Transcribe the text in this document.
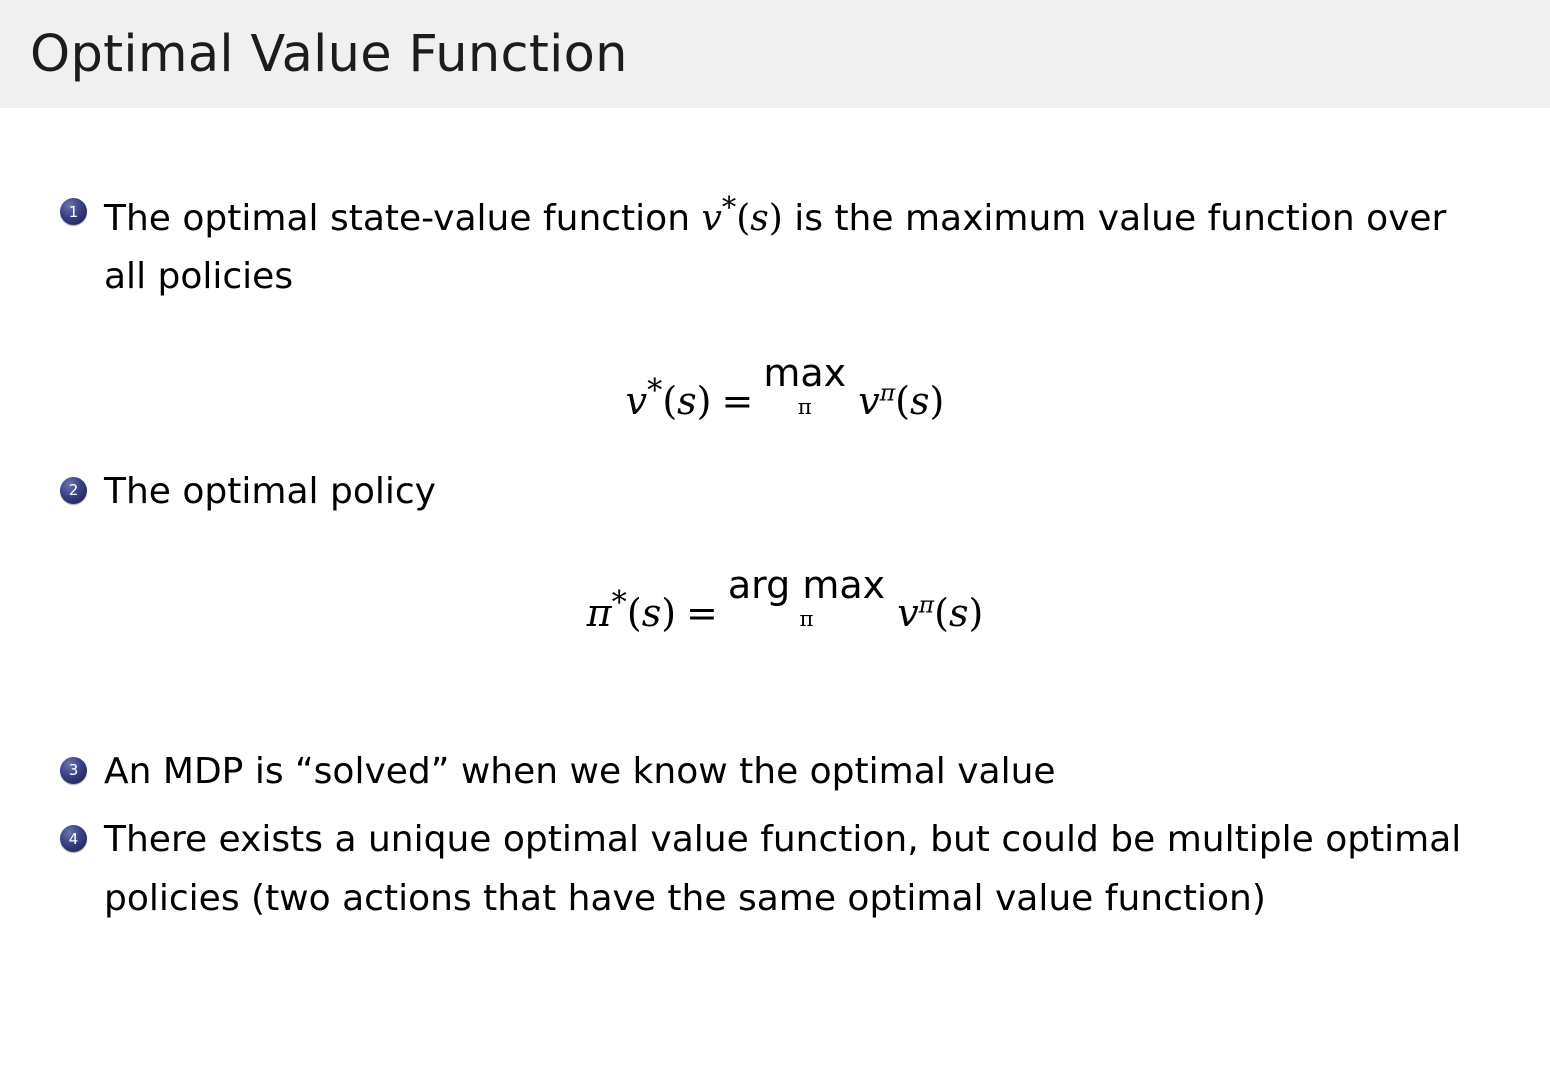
Optimal Value Function
1 The optimal state-value function v*(s) is the maximum value function over all policies
v*(s) =max
π	$v^\pi(s)$
2 The optimal policy
π*(s) =arg max
π	$v^\pi(s)$
3 An MDP is “solved” when we know the optimal value
4 There exists a unique optimal value function, but could be multiple optimal policies (two actions that have the same optimal value function)
